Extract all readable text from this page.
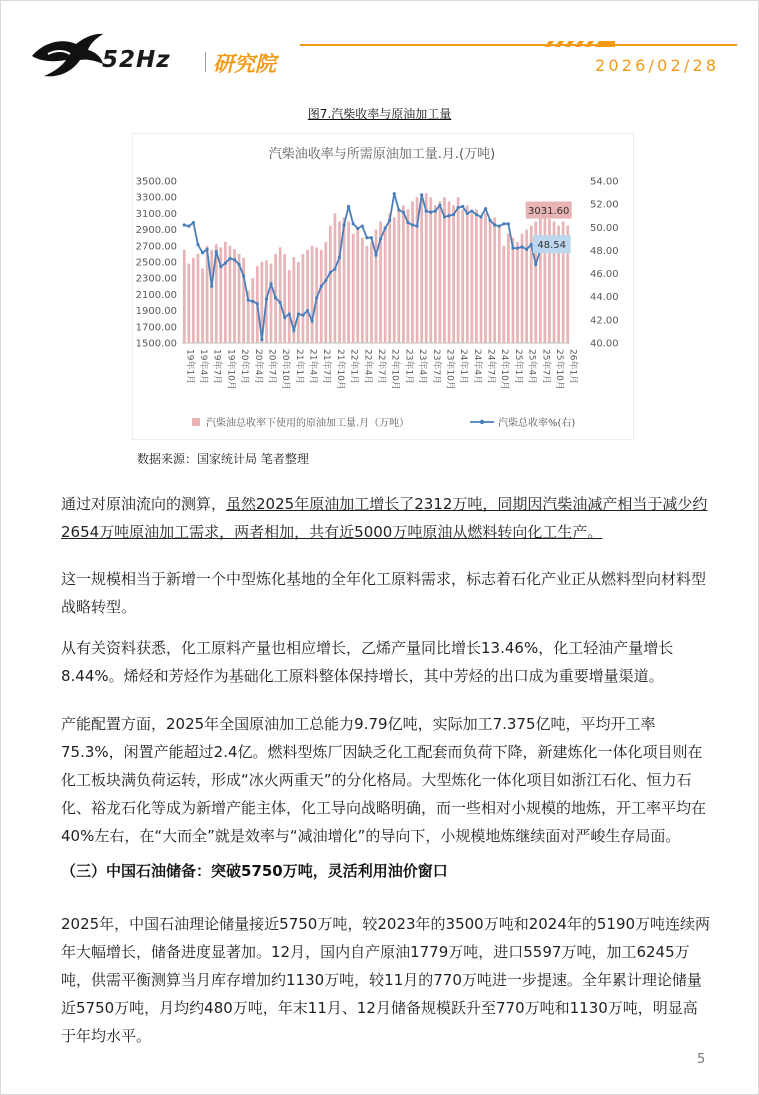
52Hz 研究院	2026/02/28
图7.汽柴收率与原油加工量
汽柴油收率与所需原油加工量.月.(万吨)
1500.00
1700.00
1900.00
2100.00
2300.00
2500.00
2700.00
2900.00
3100.00
3300.00
3500.00
40.00
42.00
44.00
46.00
48.00
50.00
52.00
54.00
19年1月 19年4月 19年7月 19年10月 20年1月 20年4月 20年7月 20年10月 21年1月 21年4月 21年7月 21年10月 22年1月 22年4月 22年7月 22年10月 23年1月 23年4月 23年7月 23年10月 24年1月 24年4月 24年7月 24年10月 25年1月 25年4月 25年7月 25年10月 26年1月
3031.60
48.54
汽柴油总收率下使用的原油加工量.月（万吨）	汽柴总收率%(右)
数据来源：国家统计局 笔者整理
通过对原油流向的测算，虽然2025年原油加工增长了2312万吨，同期因汽柴油减产相当于减少约2654万吨原油加工需求，两者相加，共有近5000万吨原油从燃料转向化工生产。
这一规模相当于新增一个中型炼化基地的全年化工原料需求，标志着石化产业正从燃料型向材料型战略转型。
从有关资料获悉，化工原料产量也相应增长，乙烯产量同比增长13.46%，化工轻油产量增长8.44%。烯烃和芳烃作为基础化工原料整体保持增长，其中芳烃的出口成为重要增量渠道。
产能配置方面，2025年全国原油加工总能力9.79亿吨，实际加工7.375亿吨，平均开工率75.3%，闲置产能超过2.4亿。燃料型炼厂因缺乏化工配套而负荷下降，新建炼化一体化项目则在化工板块满负荷运转，形成“冰火两重天”的分化格局。大型炼化一体化项目如浙江石化、恒力石化、裕龙石化等成为新增产能主体，化工导向战略明确，而一些相对小规模的地炼，开工率平均在40%左右，在“大而全”就是效率与“减油增化”的导向下，小规模地炼继续面对严峻生存局面。
（三）中国石油储备：突破5750万吨，灵活利用油价窗口
2025年，中国石油理论储量接近5750万吨，较2023年的3500万吨和2024年的5190万吨连续两年大幅增长，储备进度显著加。12月，国内自产原油1779万吨，进口5597万吨，加工6245万吨，供需平衡测算当月库存增加约1130万吨，较11月的770万吨进一步提速。全年累计理论储量近5750万吨，月均约480万吨，年末11月、12月储备规模跃升至770万吨和1130万吨，明显高于年均水平。
5
